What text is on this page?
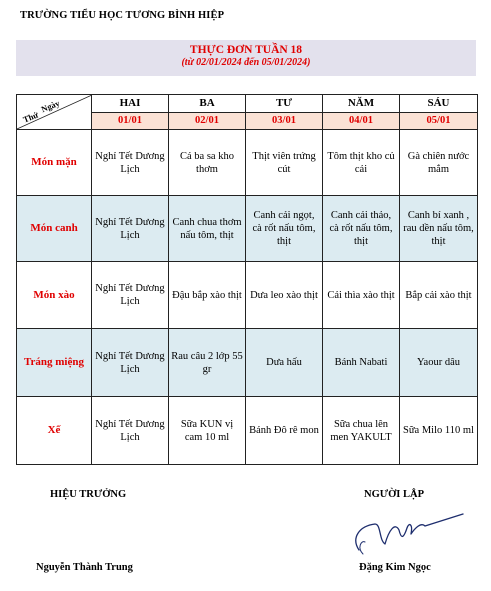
TRƯỜNG TIỂU HỌC TƯƠNG BÌNH HIỆP
THỰC ĐƠN TUẦN 18
(từ 02/01/2024 đến 05/01/2024)
Thứ
Ngày	HAI	BA	TƯ	NĂM	SÁU
	01/01	02/01	03/01	04/01	05/01
Món mặn	Nghỉ Tết Dương Lịch	Cá ba sa kho thơm	Thịt viên trứng cút	Tôm thịt kho củ cải	Gà chiên nước mắm
Món canh	Nghỉ Tết Dương Lịch	Canh chua thơm nấu tôm, thịt	Canh cải ngọt, cà rốt nấu tôm, thịt	Canh cải thảo, cà rốt nấu tôm, thịt	Canh bí xanh , rau dền nấu tôm, thịt
Món xào	Nghỉ Tết Dương Lịch	Đậu bắp xào thịt	Dưa leo xào thịt	Cải thìa xào thịt	Bắp cải xào thịt
Tráng miệng	Nghỉ Tết Dương Lịch	Rau câu 2 lớp 55 gr	Dưa hấu	Bánh Nabati	Yaour dâu
Xế	Nghỉ Tết Dương Lịch	Sữa KUN vị cam 10 ml	Bánh Đô rê mon	Sữa chua lên men YAKULT	Sữa Milo 110 ml
HIỆU TRƯỞNG	NGƯỜI LẬP
Nguyễn Thành Trung	Đặng Kim Ngọc
